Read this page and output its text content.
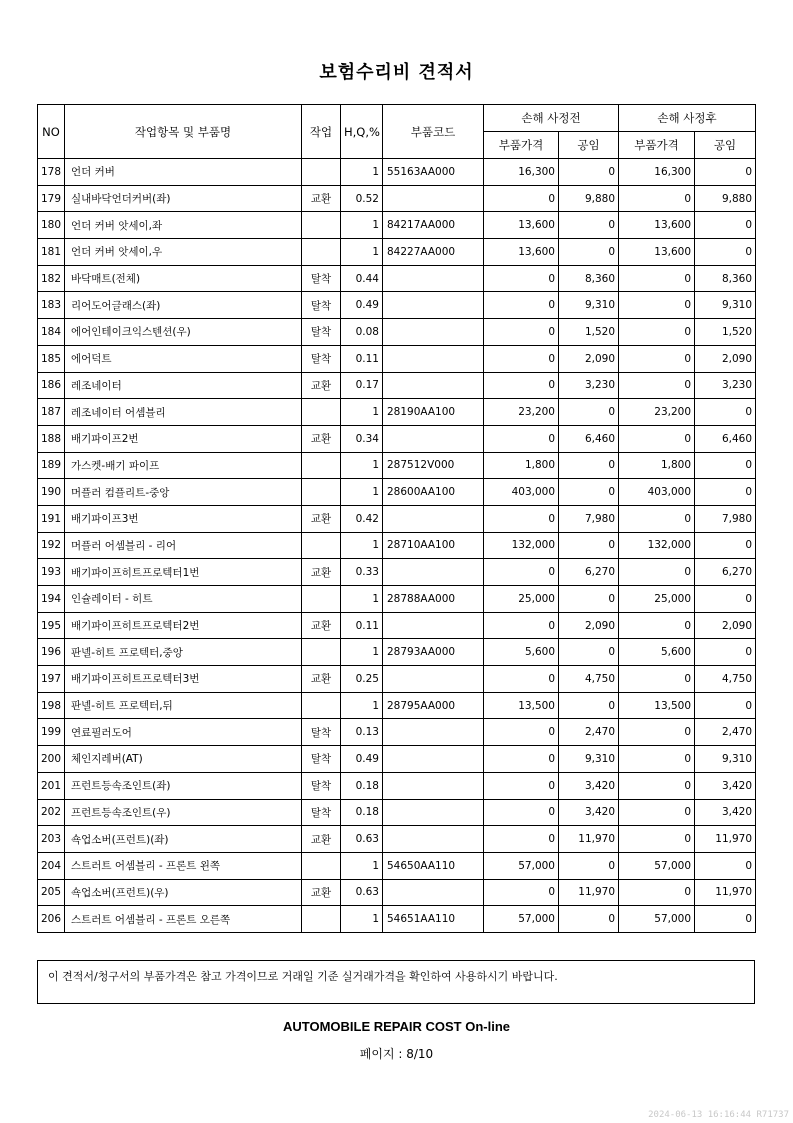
보험수리비 견적서
NO	작업항목 및 부품명	작업	H,Q,%	부품코드	손해 사정전		손해 사정후	
					부품가격	공임	부품가격	공임
178	언더 커버		1	55163AA000	16,300	0	16,300	0
179	실내바닥언더커버(좌)	교환	0.52		0	9,880	0	9,880
180	언더 커버 앗세이,좌		1	84217AA000	13,600	0	13,600	0
181	언더 커버 앗세이,우		1	84227AA000	13,600	0	13,600	0
182	바닥매트(전체)	탈착	0.44		0	8,360	0	8,360
183	리어도어글래스(좌)	탈착	0.49		0	9,310	0	9,310
184	에어인테이크익스텐션(우)	탈착	0.08		0	1,520	0	1,520
185	에어덕트	탈착	0.11		0	2,090	0	2,090
186	레조네이터	교환	0.17		0	3,230	0	3,230
187	레조네이터 어셈블리		1	28190AA100	23,200	0	23,200	0
188	배기파이프2번	교환	0.34		0	6,460	0	6,460
189	가스켓-배기 파이프		1	287512V000	1,800	0	1,800	0
190	머플러 컴플리트-중앙		1	28600AA100	403,000	0	403,000	0
191	배기파이프3번	교환	0.42		0	7,980	0	7,980
192	머플러 어셈블리 - 리어		1	28710AA100	132,000	0	132,000	0
193	배기파이프히트프로텍터1번	교환	0.33		0	6,270	0	6,270
194	인슐레이터 - 히트		1	28788AA000	25,000	0	25,000	0
195	배기파이프히트프로텍터2번	교환	0.11		0	2,090	0	2,090
196	판넬-히트 프로텍터,중앙		1	28793AA000	5,600	0	5,600	0
197	배기파이프히트프로텍터3번	교환	0.25		0	4,750	0	4,750
198	판넬-히트 프로텍터,뒤		1	28795AA000	13,500	0	13,500	0
199	연료필러도어	탈착	0.13		0	2,470	0	2,470
200	체인지레버(AT)	탈착	0.49		0	9,310	0	9,310
201	프런트등속조인트(좌)	탈착	0.18		0	3,420	0	3,420
202	프런트등속조인트(우)	탈착	0.18		0	3,420	0	3,420
203	쇽업소버(프런트)(좌)	교환	0.63		0	11,970	0	11,970
204	스트러트 어셈블리 - 프론트 왼쪽		1	54650AA110	57,000	0	57,000	0
205	쇽업소버(프런트)(우)	교환	0.63		0	11,970	0	11,970
206	스트러트 어셈블리 - 프론트 오른쪽		1	54651AA110	57,000	0	57,000	0
이 견적서/청구서의 부품가격은 참고 가격이므로 거래일 기준 실거래가격을 확인하여 사용하시기 바랍니다.
AUTOMOBILE REPAIR COST On-line
페이지 : 8/10
2024-06-13 16:16:44 R71737
